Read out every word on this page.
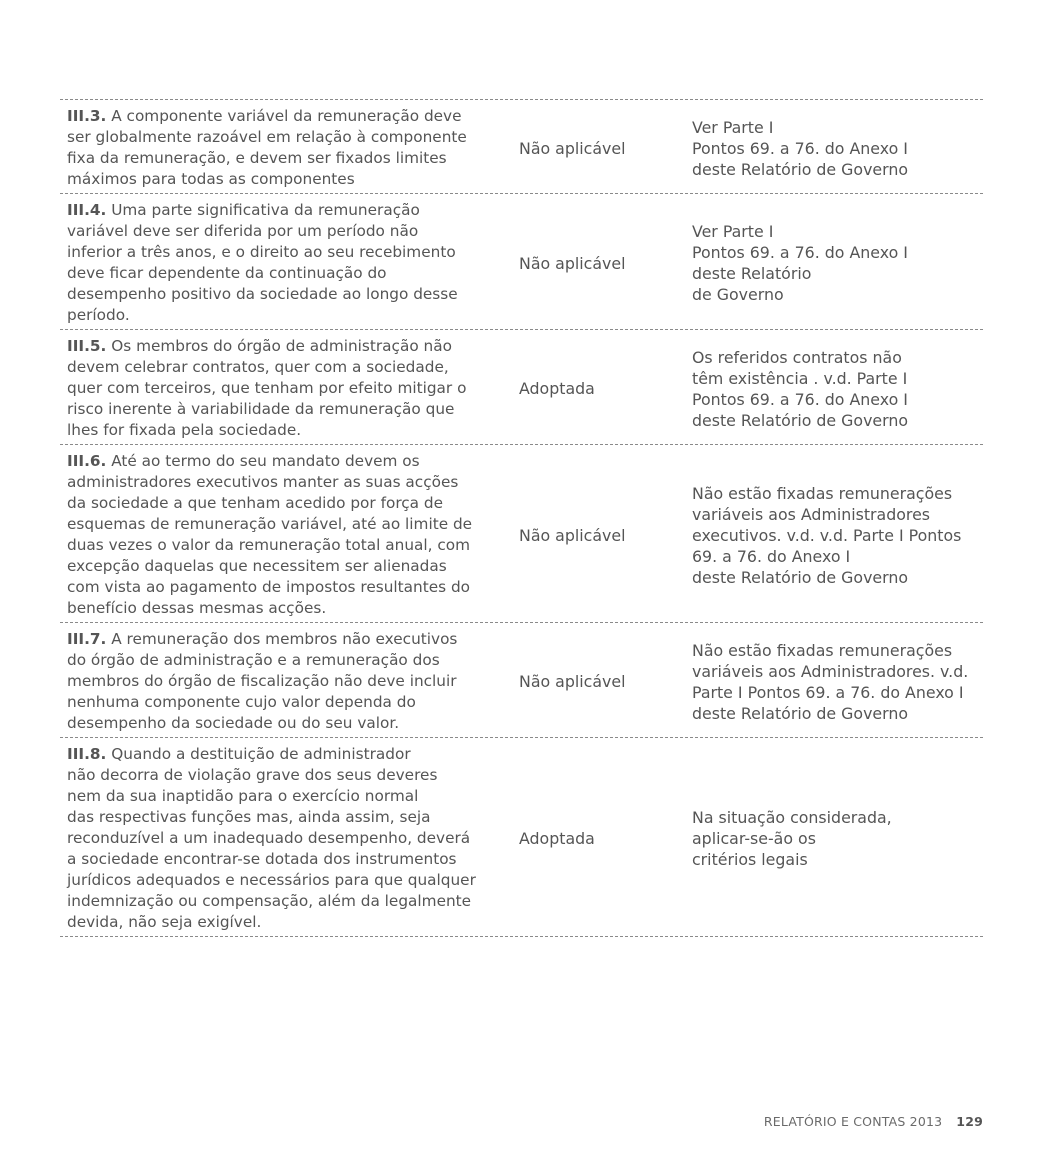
III.3. A componente variável da remuneração deve
ser globalmente razoável em relação à componente
fixa da remuneração, e devem ser fixados limites
máximos para todas as componentes
Não aplicável
Ver Parte I
Pontos 69. a 76. do Anexo I
deste Relatório de Governo
III.4. Uma parte significativa da remuneração
variável deve ser diferida por um período não
inferior a três anos, e o direito ao seu recebimento
deve ficar dependente da continuação do
desempenho positivo da sociedade ao longo desse
período.
Não aplicável
Ver Parte I
Pontos 69. a 76. do Anexo I
deste Relatório
de Governo
III.5. Os membros do órgão de administração não
devem celebrar contratos, quer com a sociedade,
quer com terceiros, que tenham por efeito mitigar o
risco inerente à variabilidade da remuneração que
lhes for fixada pela sociedade.
Adoptada
Os referidos contratos não
têm existência . v.d. Parte I
Pontos 69. a 76. do Anexo I
deste Relatório de Governo
III.6. Até ao termo do seu mandato devem os
administradores executivos manter as suas acções
da sociedade a que tenham acedido por força de
esquemas de remuneração variável, até ao limite de
duas vezes o valor da remuneração total anual, com
excepção daquelas que necessitem ser alienadas
com vista ao pagamento de impostos resultantes do
benefício dessas mesmas acções.
Não aplicável
Não estão fixadas remunerações
variáveis aos Administradores
executivos. v.d. v.d. Parte I Pontos
69. a 76. do Anexo I
deste Relatório de Governo
III.7. A remuneração dos membros não executivos
do órgão de administração e a remuneração dos
membros do órgão de fiscalização não deve incluir
nenhuma componente cujo valor dependa do
desempenho da sociedade ou do seu valor.
Não aplicável
Não estão fixadas remunerações
variáveis aos Administradores. v.d.
Parte I Pontos 69. a 76. do Anexo I
deste Relatório de Governo
III.8. Quando a destituição de administrador
não decorra de violação grave dos seus deveres
nem da sua inaptidão para o exercício normal
das respectivas funções mas, ainda assim, seja
reconduzível a um inadequado desempenho, deverá
a sociedade encontrar-se dotada dos instrumentos
jurídicos adequados e necessários para que qualquer
indemnização ou compensação, além da legalmente
devida, não seja exigível.
Adoptada
Na situação considerada,
aplicar-se-ão os
critérios legais
RELATÓRIO E CONTAS 2013 129
